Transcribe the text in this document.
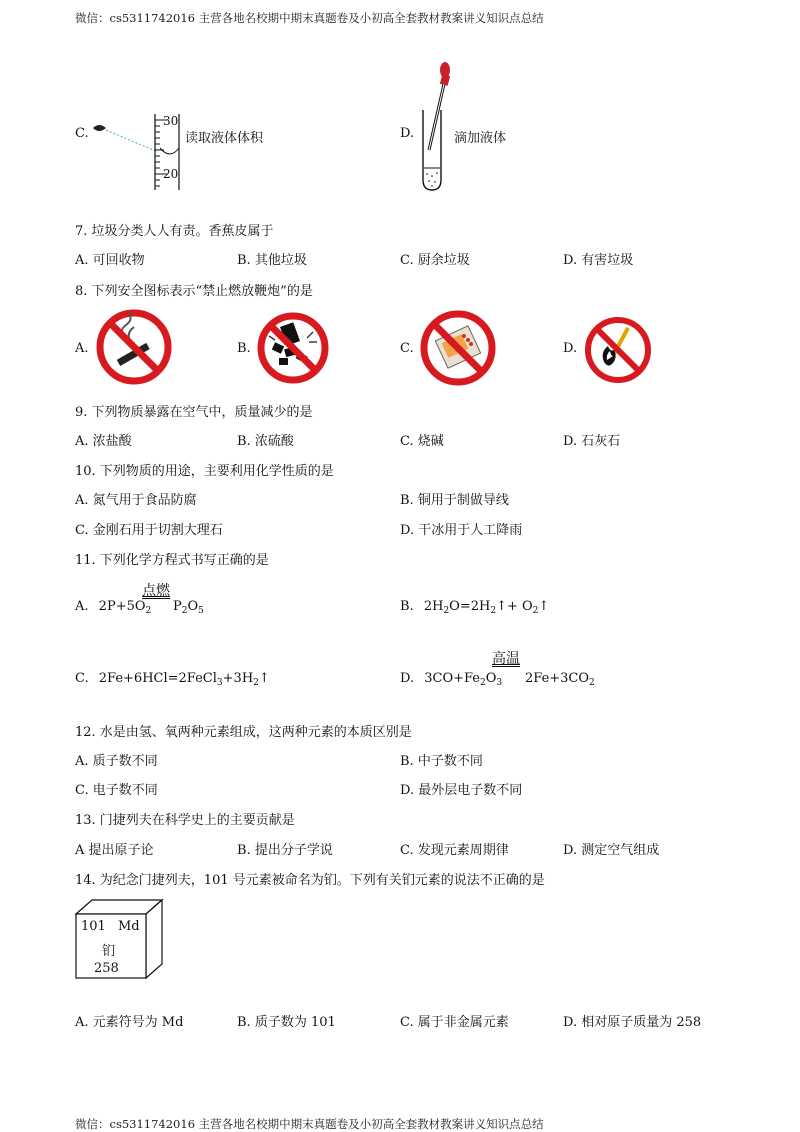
微信：cs5311742016 主营各地名校期中期末真题卷及小初高全套教材教案讲义知识点总结
C.
30
20
读取液体体积	D.	滴加液体
7. 垃圾分类人人有责。香蕉皮属于
A. 可回收物	B. 其他垃圾	C. 厨余垃圾	D. 有害垃圾
8. 下列安全图标表示“禁止燃放鞭炮”的是
A.	B.	C.	D.
9. 下列物质暴露在空气中，质量减少的是
A. 浓盐酸	B. 浓硫酸	C. 烧碱	D. 石灰石
10. 下列物质的用途，主要利用化学性质的是
A. 氮气用于食品防腐	B. 铜用于制做导线
C. 金刚石用于切割大理石	D. 干冰用于人工降雨
11. 下列化学方程式书写正确的是
A. $2P+5O_2$
点燃
$P_2O_5$	B. $2H_2O=2H_2↑+$ $O_2↑$
C. $2Fe+6HCl=2FeCl_3+3H_2↑$	D. $3CO+Fe_2O_3$
高温
$2Fe+3CO_2$
12. 水是由氢、氧两种元素组成，这两种元素的本质区别是
A. 质子数不同	B. 中子数不同
C. 电子数不同	D. 最外层电子数不同
13. 门捷列夫在科学史上的主要贡献是
A 提出原子论	B. 提出分子学说	C. 发现元素周期律	D. 测定空气组成
14. 为纪念门捷列夫，101 号元素被命名为钔。下列有关钔元素的说法不正确的是
101 Md
钔
258
A. 元素符号为 Md	B. 质子数为 101	C. 属于非金属元素	D. 相对原子质量为 258
微信：cs5311742016 主营各地名校期中期末真题卷及小初高全套教材教案讲义知识点总结
